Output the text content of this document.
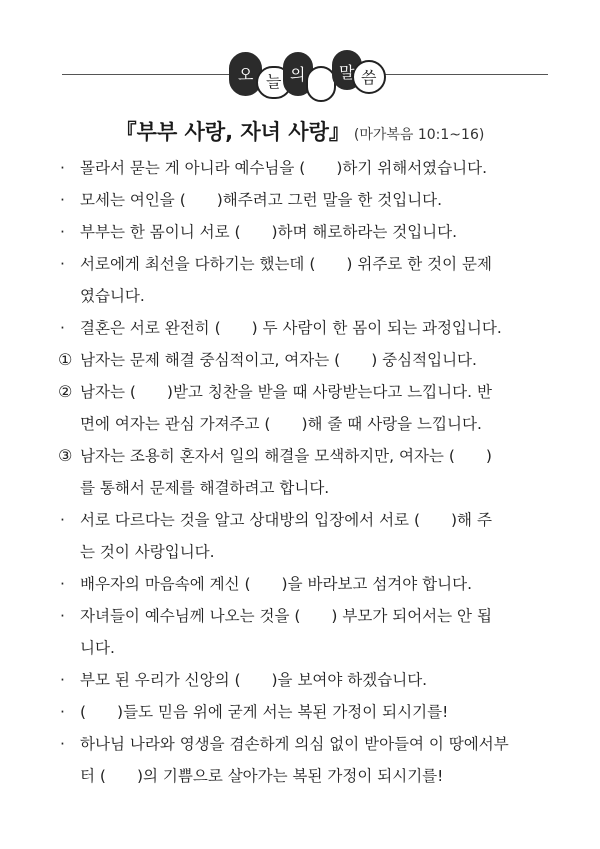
오 늘 의 말 씀
『부부 사랑, 자녀 사랑』 (마가복음 10:1~16)
· 몰라서 묻는 게 아니라 예수님을 (　　)하기 위해서였습니다.
· 모세는 여인을 (　　)해주려고 그런 말을 한 것입니다.
· 부부는 한 몸이니 서로 (　　)하며 해로하라는 것입니다.
· 서로에게 최선을 다하기는 했는데 (　　) 위주로 한 것이 문제
였습니다.
· 결혼은 서로 완전히 (　　) 두 사람이 한 몸이 되는 과정입니다.
① 남자는 문제 해결 중심적이고, 여자는 (　　) 중심적입니다.
② 남자는 (　　)받고 칭찬을 받을 때 사랑받는다고 느낍니다. 반
면에 여자는 관심 가져주고 (　　)해 줄 때 사랑을 느낍니다.
③ 남자는 조용히 혼자서 일의 해결을 모색하지만, 여자는 (　　)
를 통해서 문제를 해결하려고 합니다.
· 서로 다르다는 것을 알고 상대방의 입장에서 서로 (　　)해 주
는 것이 사랑입니다.
· 배우자의 마음속에 계신 (　　)을 바라보고 섬겨야 합니다.
· 자녀들이 예수님께 나오는 것을 (　　) 부모가 되어서는 안 됩
니다.
· 부모 된 우리가 신앙의 (　　)을 보여야 하겠습니다.
· (　　)들도 믿음 위에 굳게 서는 복된 가정이 되시기를!
· 하나님 나라와 영생을 겸손하게 의심 없이 받아들여 이 땅에서부
터 (　　)의 기쁨으로 살아가는 복된 가정이 되시기를!
